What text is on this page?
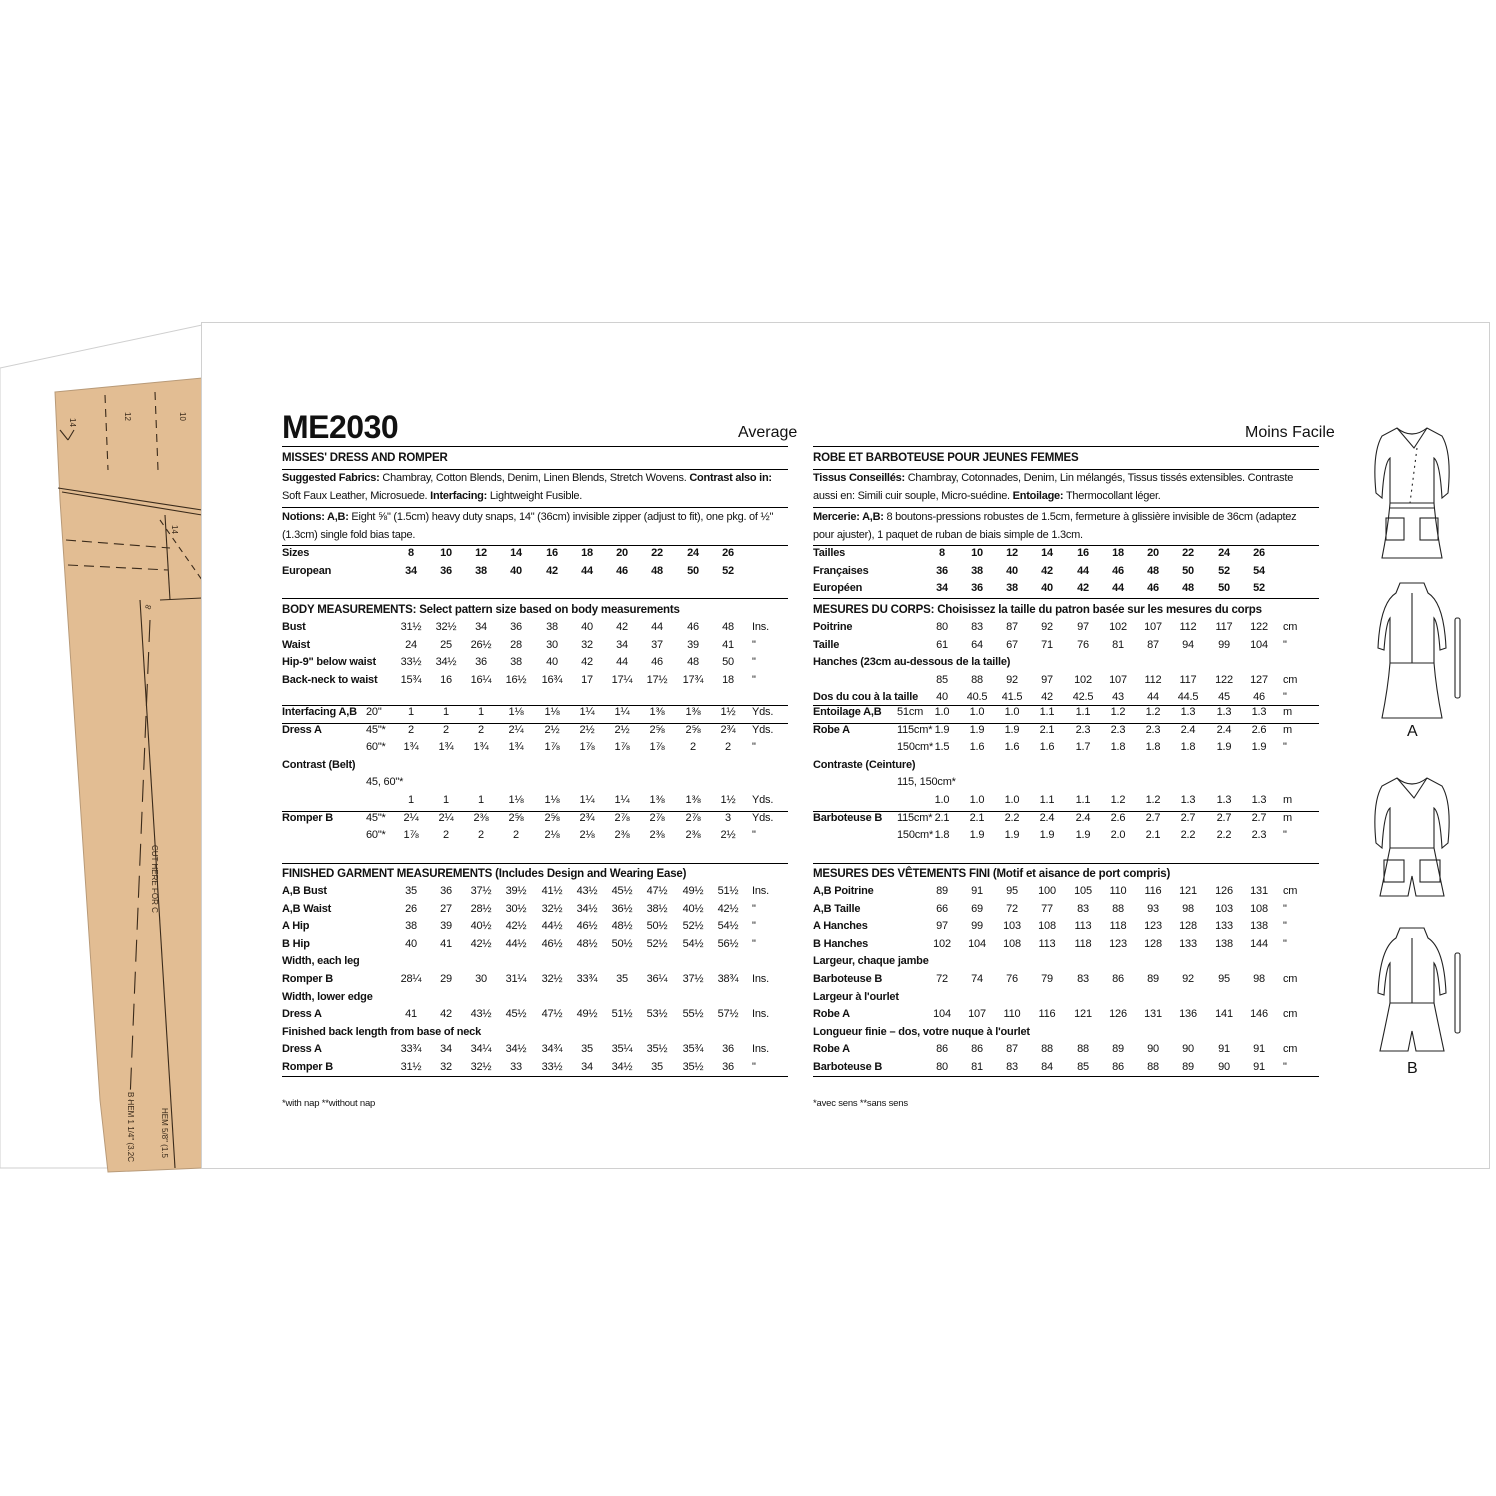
14
12	10
14
8
CUT HERE FOR C
B HEM 1 1/4" (3.2C	HEM 5/8" (1.5
ME2030	Average	Moins Facile
MISSES' DRESS AND ROMPER
Suggested Fabrics: Chambray, Cotton Blends, Denim, Linen Blends, Stretch Wovens. Contrast also in: Soft Faux Leather, Microsuede. Interfacing: Lightweight Fusible.
Notions: A,B: Eight ⅝" (1.5cm) heavy duty snaps, 14" (36cm) invisible zipper (adjust to fit), one pkg. of ½" (1.3cm) single fold bias tape.
Sizes	8	10	12	14	16	18	20	22	24	26
European	34	36	38	40	42	44	46	48	50	52
BODY MEASUREMENTS: Select pattern size based on body measurements
Bust	31½	32½	34	36	38	40	42	44	46	48	Ins.
Waist	24	25	26½	28	30	32	34	37	39	41	"
Hip-9" below waist	33½	34½	36	38	40	42	44	46	48	50	"
Back-neck to waist	15¾	16	16¼	16½	16¾	17	17¼	17½	17¾	18	"
Interfacing A,B 20"	1	1	1	1⅛	1⅛	1¼	1¼	1⅜	1⅜	1½	Yds.
Dress A	45"*	2	2	2	2¼	2½	2½	2½	2⅝	2⅝	2¾	Yds.
60"*	1¾	1¾	1¾	1¾	1⅞	1⅞	1⅞	1⅞	2	2	"
Contrast (Belt)
45, 60"*
1	1	1	1⅛	1⅛	1¼	1¼	1⅜	1⅜	1½	Yds.
Romper B	45"*	2¼	2¼	2⅜	2⅝	2⅝	2¾	2⅞	2⅞	2⅞	3	Yds.
60"*	1⅞	2	2	2	2⅛	2⅛	2⅜	2⅜	2⅜	2½	"
FINISHED GARMENT MEASUREMENTS (Includes Design and Wearing Ease)
A,B Bust	35	36	37½	39½	41½	43½	45½	47½	49½	51½	Ins.
A,B Waist	26	27	28½	30½	32½	34½	36½	38½	40½	42½	"
A Hip	38	39	40½	42½	44½	46½	48½	50½	52½	54½	"
B Hip	40	41	42½	44½	46½	48½	50½	52½	54½	56½	"
Width, each leg
Romper B	28¼	29	30	31¼	32½	33¾	35	36¼	37½	38¾	Ins.
Width, lower edge
Dress A	41	42	43½	45½	47½	49½	51½	53½	55½	57½	Ins.
Finished back length from base of neck
Dress A	33¾	34	34¼	34½	34¾	35	35¼	35½	35¾	36	Ins.
Romper B	31½	32	32½	33	33½	34	34½	35	35½	36	"
*with nap **without nap
ROBE ET BARBOTEUSE POUR JEUNES FEMMES
Tissus Conseillés: Chambray, Cotonnades, Denim, Lin mélangés, Tissus tissés extensibles. Contraste aussi en: Simili cuir souple, Micro-suédine. Entoilage: Thermocollant léger.
Mercerie: A,B: 8 boutons-pressions robustes de 1.5cm, fermeture à glissière invisible de 36cm (adaptez pour ajuster), 1 paquet de ruban de biais simple de 1.3cm.
Tailles	8	10	12	14	16	18	20	22	24	26
Françaises	36	38	40	42	44	46	48	50	52	54
Européen	34	36	38	40	42	44	46	48	50	52
MESURES DU CORPS: Choisissez la taille du patron basée sur les mesures du corps
Poitrine	80	83	87	92	97	102	107	112	117	122	cm
Taille	61	64	67	71	76	81	87	94	99	104	"
Hanches (23cm au-dessous de la taille)
85	88	92	97	102	107	112	117	122	127	cm
Dos du cou à la taille	40	40.5	41.5	42	42.5	43	44	44.5	45	46	"
Entoilage A,B 51cm	1.0	1.0	1.0	1.1	1.1	1.2	1.2	1.3	1.3	1.3	m
Robe A	115cm* 1.9	1.9	1.9	2.1	2.3	2.3	2.3	2.4	2.4	2.6	m
150cm* 1.5	1.6	1.6	1.6	1.7	1.8	1.8	1.8	1.9	1.9	"
Contraste (Ceinture)
115, 150cm*
1.0	1.0	1.0	1.1	1.1	1.2	1.2	1.3	1.3	1.3	m
Barboteuse B 115cm* 2.1	2.1	2.2	2.4	2.4	2.6	2.7	2.7	2.7	2.7	m
150cm* 1.8	1.9	1.9	1.9	1.9	2.0	2.1	2.2	2.2	2.3	"
MESURES DES VÊTEMENTS FINI (Motif et aisance de port compris)
A,B Poitrine	89	91	95	100	105	110	116	121	126	131	cm
A,B Taille	66	69	72	77	83	88	93	98	103	108	"
A Hanches	97	99	103	108	113	118	123	128	133	138	"
B Hanches	102	104	108	113	118	123	128	133	138	144	"
Largeur, chaque jambe
Barboteuse B	72	74	76	79	83	86	89	92	95	98	cm
Largeur à l'ourlet
Robe A	104	107	110	116	121	126	131	136	141	146	cm
Longueur finie – dos, votre nuque à l'ourlet
Robe A	86	86	87	88	88	89	90	90	91	91	cm
Barboteuse B	80	81	83	84	85	86	88	89	90	91	"
*avec sens **sans sens
A
B
